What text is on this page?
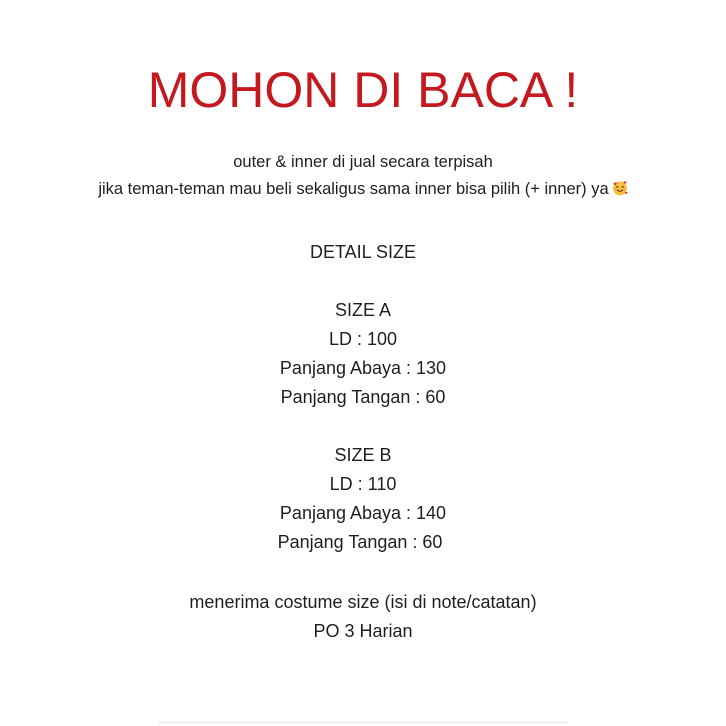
MOHON DI BACA !
outer & inner di jual secara terpisah
jika teman-teman mau beli sekaligus sama inner bisa pilih (+ inner) ya
DETAIL SIZE
SIZE A
LD : 100
Panjang Abaya : 130
Panjang Tangan : 60
SIZE B
LD : 110
Panjang Abaya : 140
Panjang Tangan : 60
menerima costume size (isi di note/catatan)
PO 3 Harian
